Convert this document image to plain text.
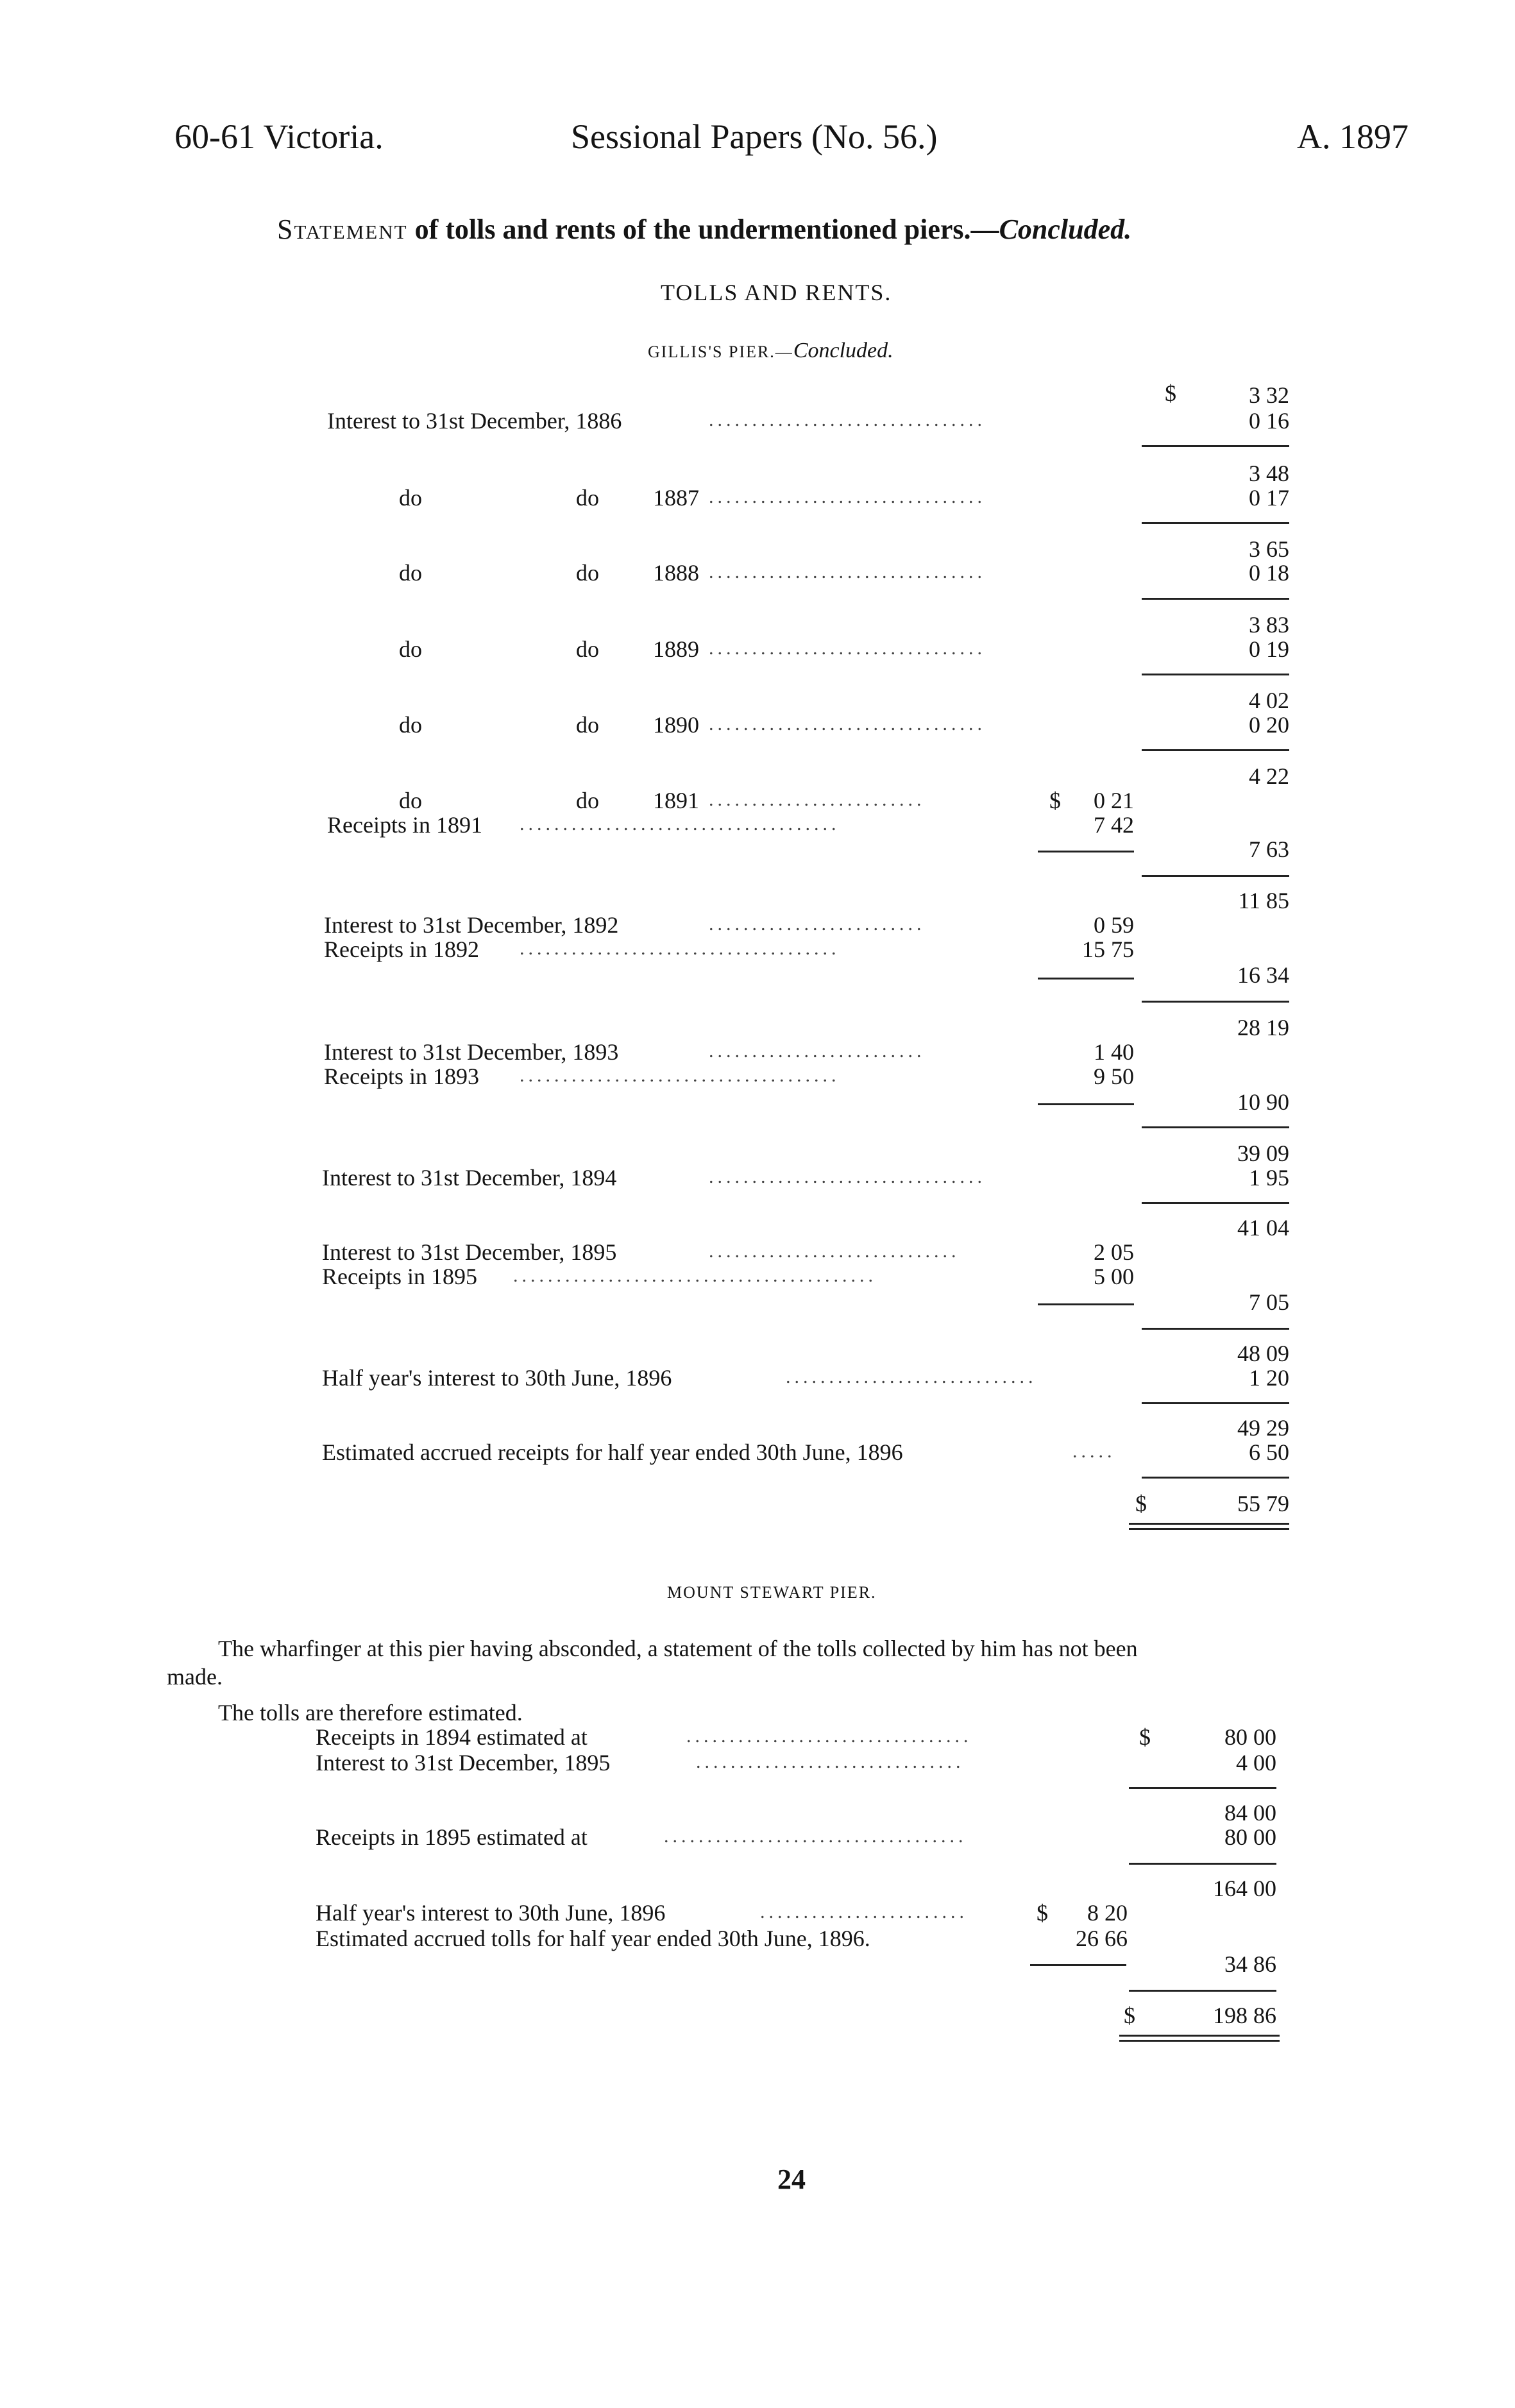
60-61 Victoria.	Sessional Papers (No. 56.)	A. 1897
Statement of tolls and rents of the undermentioned piers.—Concluded.
TOLLS AND RENTS.
GILLIS'S PIER.—Concluded.
$	3 32
Interest to 31st December, 1886	................................	0 16
3 48
do	do 1887 ................................	0 17
3 65
do	do 1888 ................................	0 18
3 83
do	do 1889 ................................	0 19
4 02
do	do 1890 ................................	0 20
4 22
do	do 1891 .........................	$ 0 21
Receipts in 1891 .....................................	7 42
7 63
11 85
Interest to 31st December, 1892	.........................	0 59
Receipts in 1892 .....................................	15 75
16 34
28 19
Interest to 31st December, 1893	.........................	1 40
Receipts in 1893 .....................................	9 50
10 90
39 09
Interest to 31st December, 1894	................................	1 95
41 04
Interest to 31st December, 1895	.............................	2 05
Receipts in 1895 ..........................................	5 00
7 05
48 09
Half year's interest to 30th June, 1896	.............................	1 20
49 29
Estimated accrued receipts for half year ended 30th June, 1896	.....	6 50
$	55 79
MOUNT STEWART PIER.
The wharfinger at this pier having absconded, a statement of the tolls collected by him has not been
made.
The tolls are therefore estimated.
Receipts in 1894 estimated at	.................................	$	80 00
Interest to 31st December, 1895	...............................	4 00
84 00
Receipts in 1895 estimated at	...................................	80 00
164 00
Half year's interest to 30th June, 1896	........................	$ 8 20
Estimated accrued tolls for half year ended 30th June, 1896.	26 66
34 86
$	198 86
24
